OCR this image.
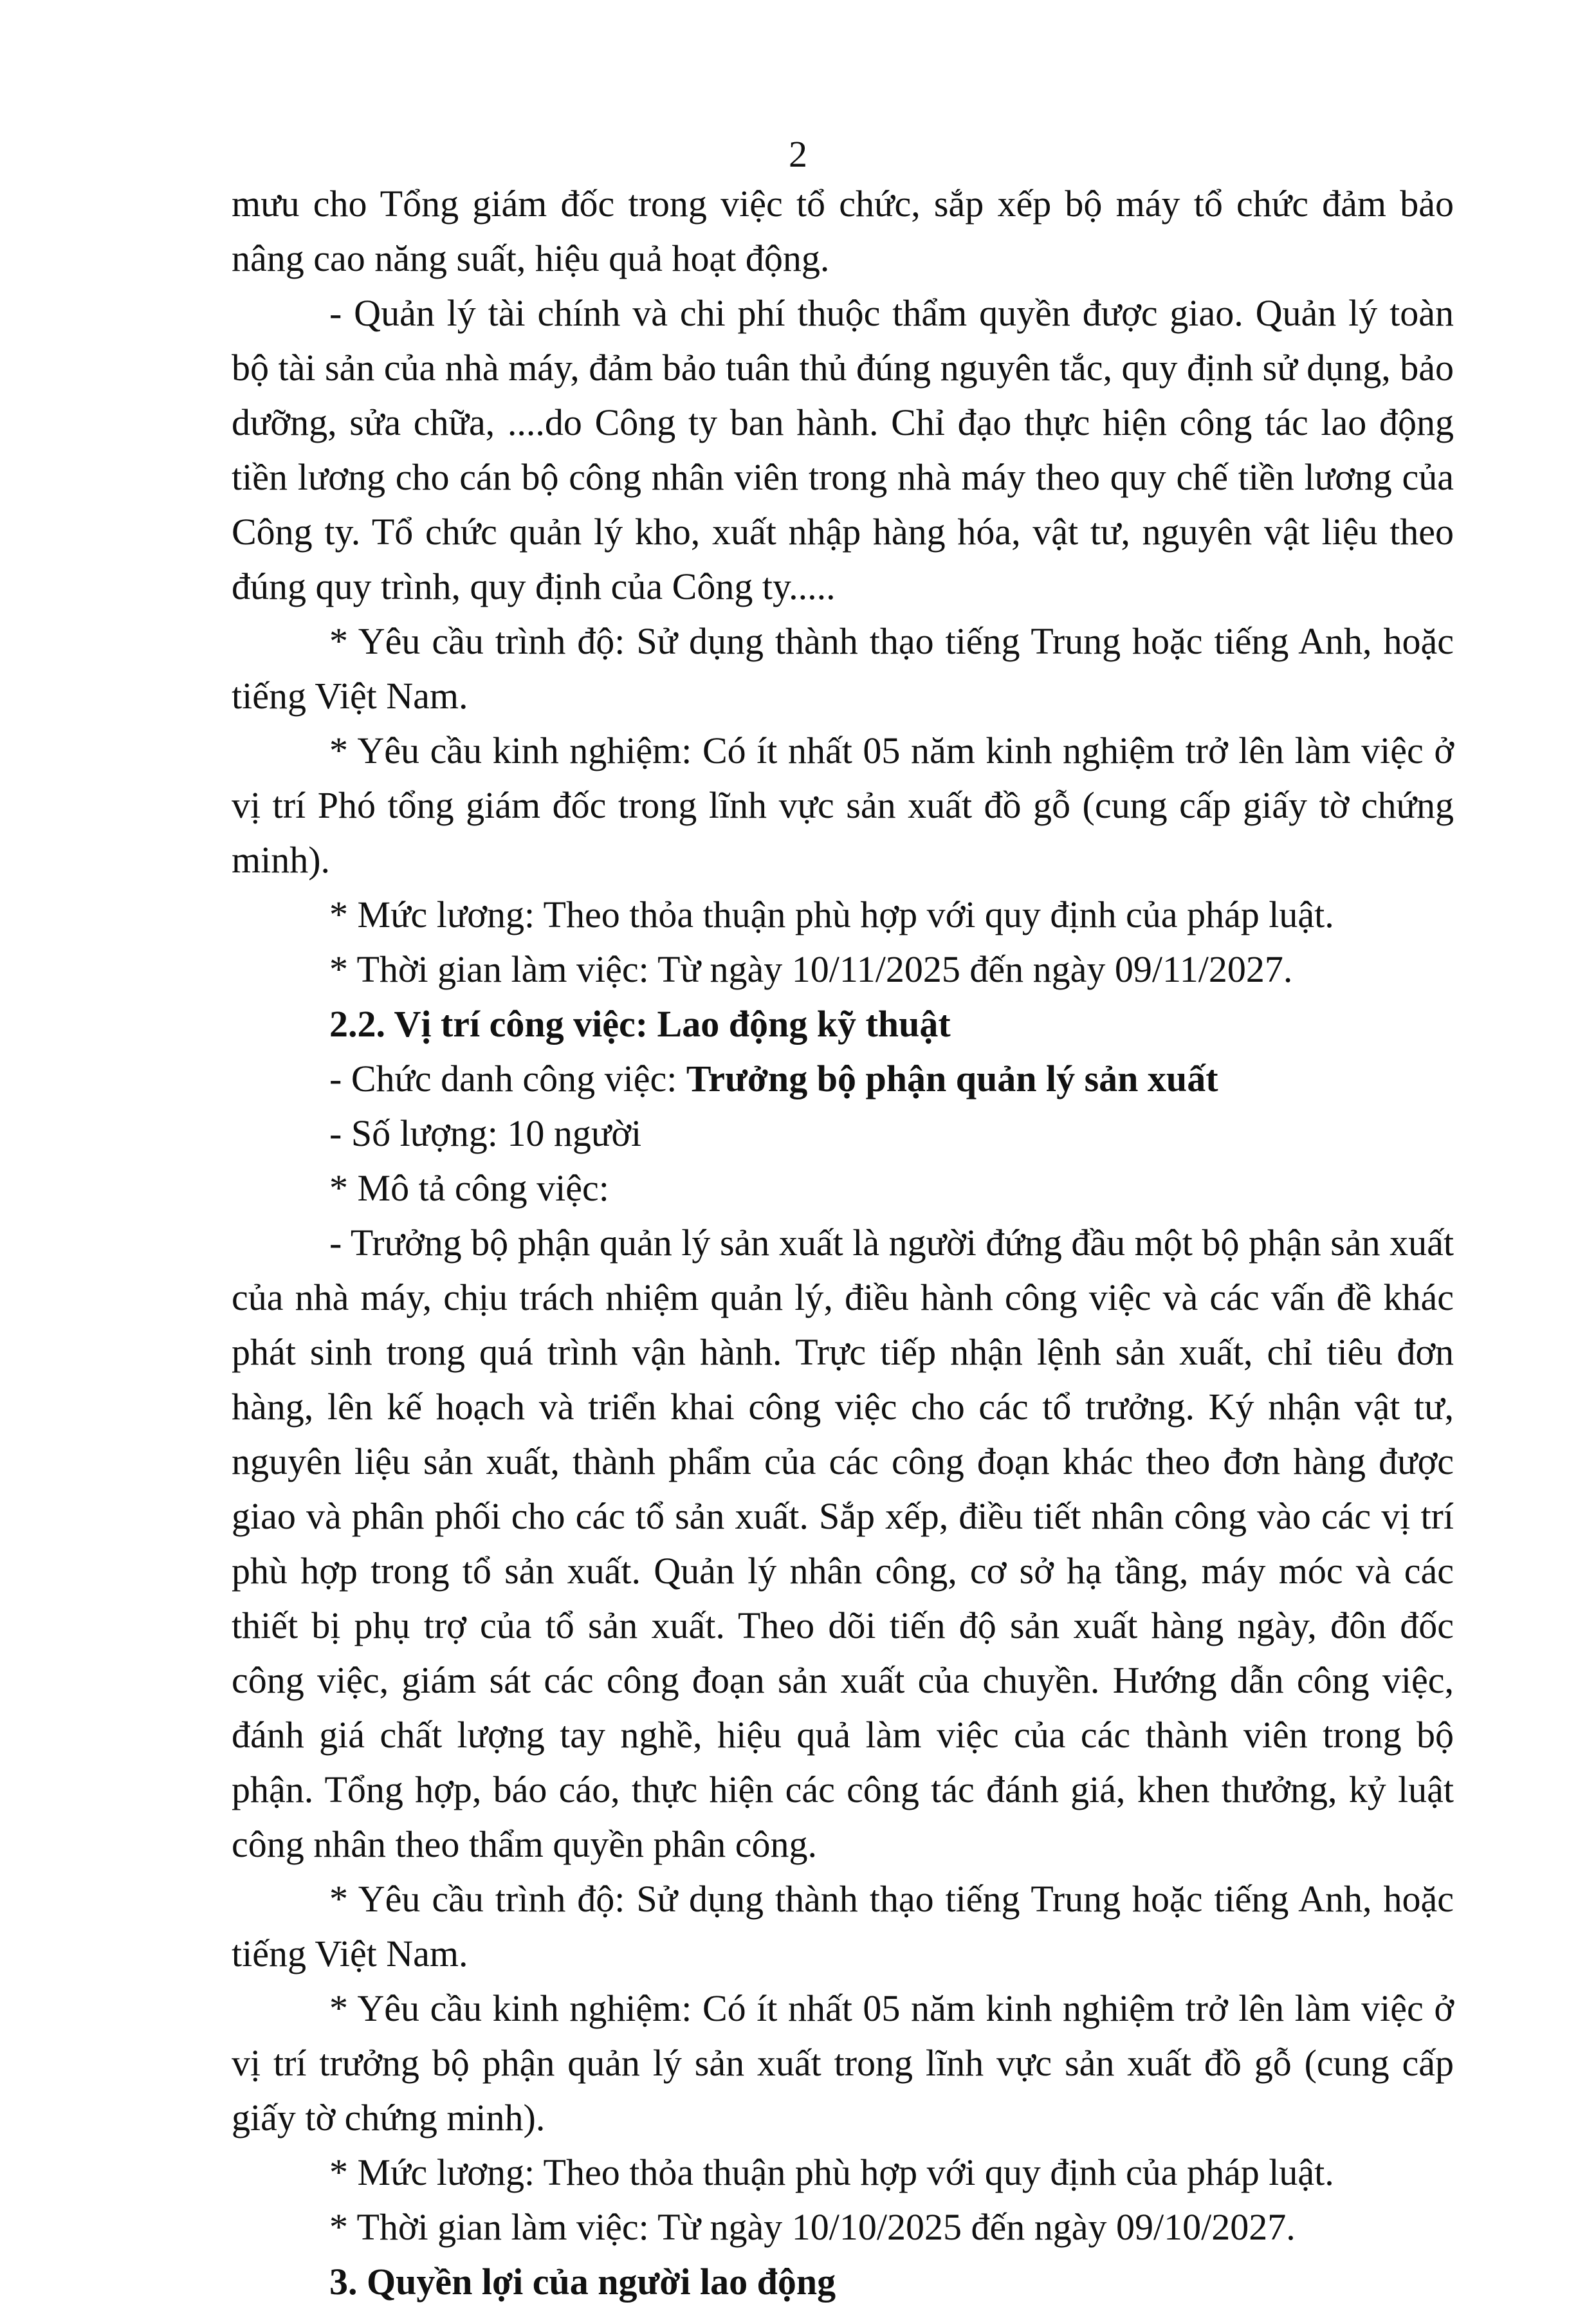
2

mưu cho Tổng giám đốc trong việc tổ chức, sắp xếp bộ máy tổ chức đảm bảo nâng cao năng suất, hiệu quả hoạt động.

- Quản lý tài chính và chi phí thuộc thẩm quyền được giao. Quản lý toàn bộ tài sản của nhà máy, đảm bảo tuân thủ đúng nguyên tắc, quy định sử dụng, bảo dưỡng, sửa chữa, ....do Công ty ban hành. Chỉ đạo thực hiện công tác lao động tiền lương cho cán bộ công nhân viên trong nhà máy theo quy chế tiền lương của Công ty. Tổ chức quản lý kho, xuất nhập hàng hóa, vật tư, nguyên vật liệu theo đúng quy trình, quy định của Công ty.....

* Yêu cầu trình độ: Sử dụng thành thạo tiếng Trung hoặc tiếng Anh, hoặc tiếng Việt Nam.

* Yêu cầu kinh nghiệm: Có ít nhất 05 năm kinh nghiệm trở lên làm việc ở vị trí Phó tổng giám đốc trong lĩnh vực sản xuất đồ gỗ (cung cấp giấy tờ chứng minh).

* Mức lương: Theo thỏa thuận phù hợp với quy định của pháp luật.

* Thời gian làm việc: Từ ngày 10/11/2025 đến ngày 09/11/2027.

2.2. Vị trí công việc: Lao động kỹ thuật

- Chức danh công việc: Trưởng bộ phận quản lý sản xuất

- Số lượng: 10 người

* Mô tả công việc:

- Trưởng bộ phận quản lý sản xuất là người đứng đầu một bộ phận sản xuất của nhà máy, chịu trách nhiệm quản lý, điều hành công việc và các vấn đề khác phát sinh trong quá trình vận hành. Trực tiếp nhận lệnh sản xuất, chỉ tiêu đơn hàng, lên kế hoạch và triển khai công việc cho các tổ trưởng. Ký nhận vật tư, nguyên liệu sản xuất, thành phẩm của các công đoạn khác theo đơn hàng được giao và phân phối cho các tổ sản xuất. Sắp xếp, điều tiết nhân công vào các vị trí phù hợp trong tổ sản xuất. Quản lý nhân công, cơ sở hạ tầng, máy móc và các thiết bị phụ trợ của tổ sản xuất. Theo dõi tiến độ sản xuất hàng ngày, đôn đốc công việc, giám sát các công đoạn sản xuất của chuyền. Hướng dẫn công việc, đánh giá chất lượng tay nghề, hiệu quả làm việc của các thành viên trong bộ phận. Tổng hợp, báo cáo, thực hiện các công tác đánh giá, khen thưởng, kỷ luật công nhân theo thẩm quyền phân công.

* Yêu cầu trình độ: Sử dụng thành thạo tiếng Trung hoặc tiếng Anh, hoặc tiếng Việt Nam.

* Yêu cầu kinh nghiệm: Có ít nhất 05 năm kinh nghiệm trở lên làm việc ở vị trí trưởng bộ phận quản lý sản xuất trong lĩnh vực sản xuất đồ gỗ (cung cấp giấy tờ chứng minh).

* Mức lương: Theo thỏa thuận phù hợp với quy định của pháp luật.

* Thời gian làm việc: Từ ngày 10/10/2025 đến ngày 09/10/2027.

3. Quyền lợi của người lao động
